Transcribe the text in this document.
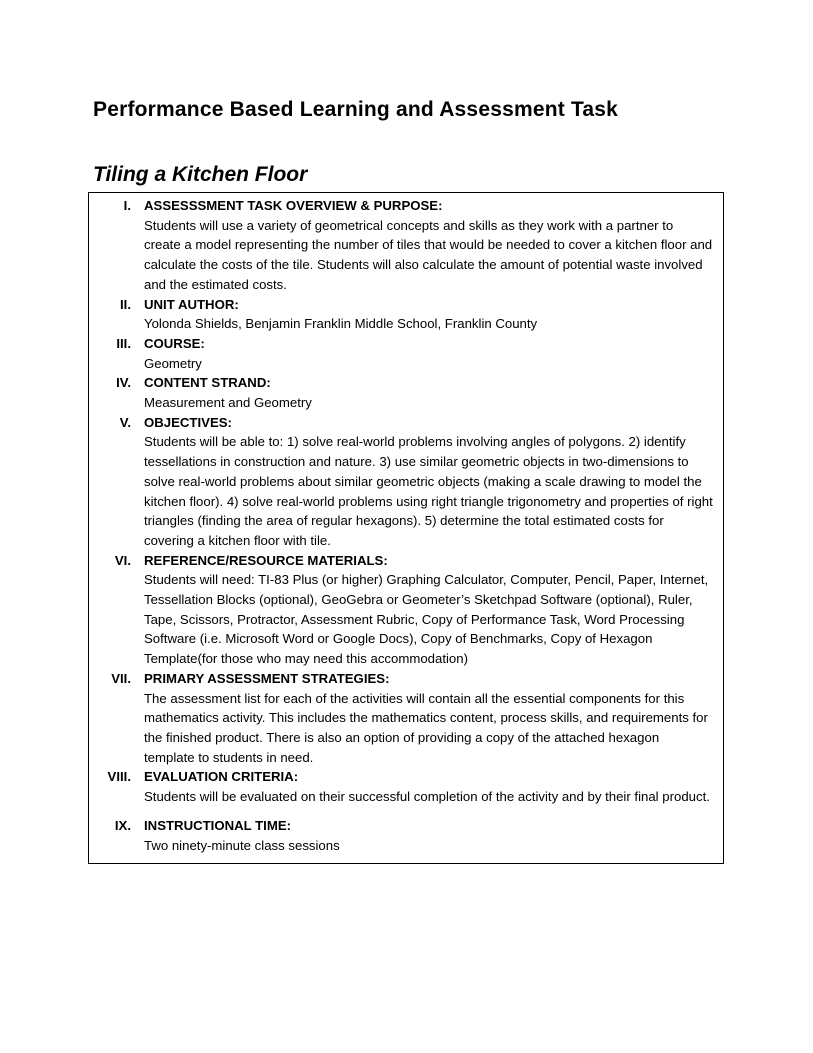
Performance Based Learning and Assessment Task
Tiling a Kitchen Floor
I. ASSESSSMENT TASK OVERVIEW & PURPOSE:
Students will use a variety of geometrical concepts and skills as they work with a partner to create a model representing the number of tiles that would be needed to cover a kitchen floor and calculate the costs of the tile. Students will also calculate the amount of potential waste involved and the estimated costs.
II. UNIT AUTHOR:
Yolonda Shields, Benjamin Franklin Middle School, Franklin County
III. COURSE:
Geometry
IV. CONTENT STRAND:
Measurement and Geometry
V. OBJECTIVES:
Students will be able to: 1) solve real-world problems involving angles of polygons. 2) identify tessellations in construction and nature. 3) use similar geometric objects in two-dimensions to solve real-world problems about similar geometric objects (making a scale drawing to model the kitchen floor). 4) solve real-world problems using right triangle trigonometry and properties of right triangles (finding the area of regular hexagons). 5) determine the total estimated costs for covering a kitchen floor with tile.
VI. REFERENCE/RESOURCE MATERIALS:
Students will need: TI-83 Plus (or higher) Graphing Calculator, Computer, Pencil, Paper, Internet, Tessellation Blocks (optional), GeoGebra or Geometer’s Sketchpad Software (optional), Ruler, Tape, Scissors, Protractor, Assessment Rubric, Copy of Performance Task, Word Processing Software (i.e. Microsoft Word or Google Docs), Copy of Benchmarks, Copy of Hexagon Template(for those who may need this accommodation)
VII. PRIMARY ASSESSMENT STRATEGIES:
The assessment list for each of the activities will contain all the essential components for this mathematics activity. This includes the mathematics content, process skills, and requirements for the finished product. There is also an option of providing a copy of the attached hexagon template to students in need.
VIII. EVALUATION CRITERIA:
Students will be evaluated on their successful completion of the activity and by their final product.
IX. INSTRUCTIONAL TIME:
Two ninety-minute class sessions
